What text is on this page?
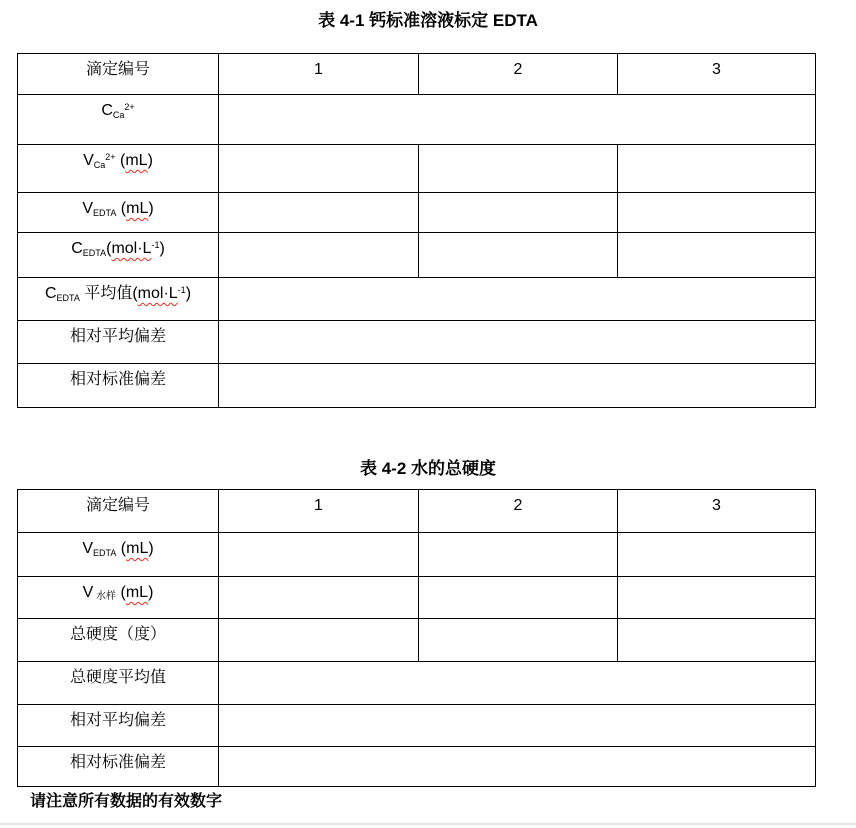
表 4-1 钙标准溶液标定 EDTA
滴定编号	1	2	3
CCa$^{2+}$	
VCa$^{2+}$ (mL)			
VEDTA (mL)			
$CEDTA(mol\cdot L^{-1})$			
CEDTA 平均值$(mol\cdot L^{-1})$			
相对平均偏差			
相对标准偏差			
表 4-2 水的总硬度
滴定编号	1	2	3
VEDTA (mL)			
V 水样 (mL)			
总硬度（度）			
总硬度平均值			
相对平均偏差			
相对标准偏差			
请注意所有数据的有效数字
